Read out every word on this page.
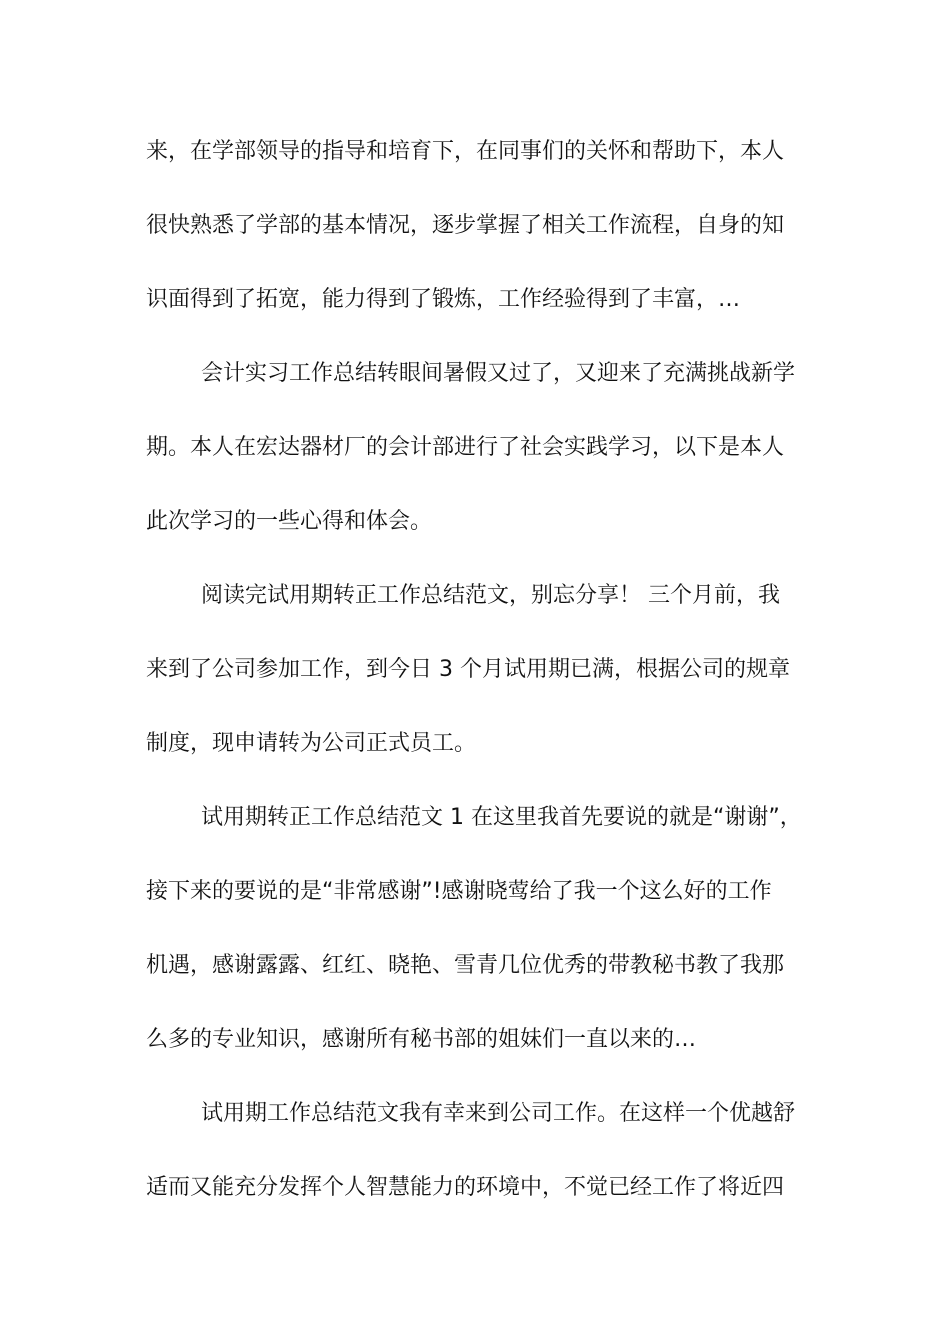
来，在学部领导的指导和培育下，在同事们的关怀和帮助下，本人
很快熟悉了学部的基本情况，逐步掌握了相关工作流程，自身的知
识面得到了拓宽，能力得到了锻炼，工作经验得到了丰富，…
会计实习工作总结转眼间暑假又过了，又迎来了充满挑战新学
期。本人在宏达器材厂的会计部进行了社会实践学习，以下是本人
此次学习的一些心得和体会。
阅读完试用期转正工作总结范文，别忘分享！ 三个月前，我
来到了公司参加工作，到今日 3 个月试用期已满，根据公司的规章
制度，现申请转为公司正式员工。
试用期转正工作总结范文 1 在这里我首先要说的就是“谢谢”，
接下来的要说的是“非常感谢”!感谢晓莺给了我一个这么好的工作
机遇，感谢露露、红红、晓艳、雪青几位优秀的带教秘书教了我那
么多的专业知识，感谢所有秘书部的姐妹们一直以来的…
试用期工作总结范文我有幸来到公司工作。在这样一个优越舒
适而又能充分发挥个人智慧能力的环境中，不觉已经工作了将近四
